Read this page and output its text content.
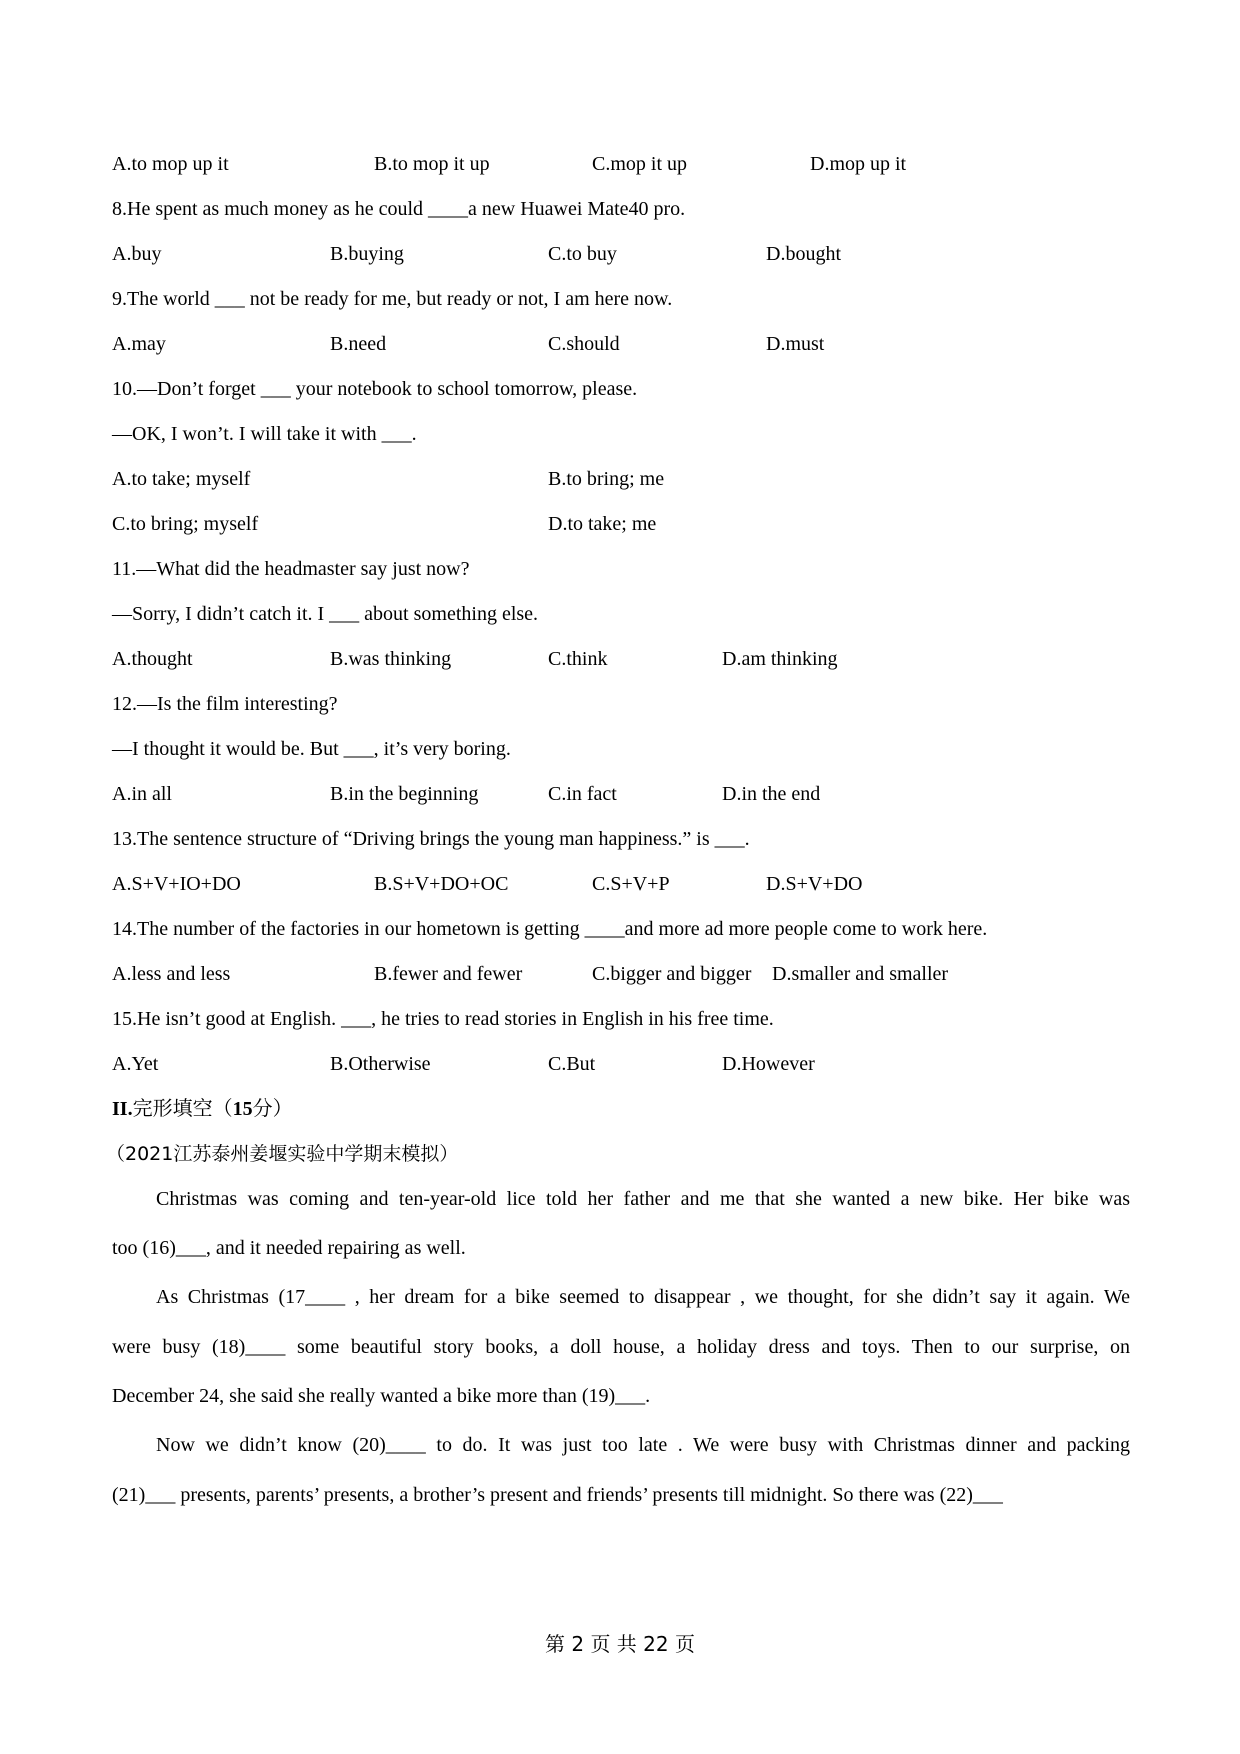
A.to mop up it	B.to mop it up	C.mop it up	D.mop up it
8.He spent as much money as he could ____a new Huawei Mate40 pro.
A.buy	B.buying	C.to buy	D.bought
9.The world ___ not be ready for me, but ready or not, I am here now.
A.may	B.need	C.should	D.must
10.—Don’t forget ___ your notebook to school tomorrow, please.
—OK, I won’t. I will take it with ___.
A.to take; myself	B.to bring; me
C.to bring; myself	D.to take; me
11.—What did the headmaster say just now?
—Sorry, I didn’t catch it. I ___ about something else.
A.thought	B.was thinking	C.think	D.am thinking
12.—Is the film interesting?
—I thought it would be. But ___, it’s very boring.
A.in all	B.in the beginning	C.in fact	D.in the end
13.The sentence structure of “Driving brings the young man happiness.” is ___.
A.S+V+IO+DO	B.S+V+DO+OC	C.S+V+P	D.S+V+DO
14.The number of the factories in our hometown is getting ____and more ad more people come to work here.
A.less and less	B.fewer and fewer	C.bigger and bigger D.smaller and smaller
15.He isn’t good at English. ___, he tries to read stories in English in his free time.
A.Yet	B.Otherwise	C.But	D.However
II.完形填空（15分）
（2021江苏泰州姜堰实验中学期末模拟）
Christmas was coming and ten-year-old lice told her father and me that she wanted a new bike. Her bike was
too (16)___, and it needed repairing as well.
As Christmas (17____ , her dream for a bike seemed to disappear , we thought, for she didn’t say it again. We
were busy (18)____ some beautiful story books, a doll house, a holiday dress and toys. Then to our surprise, on
December 24, she said she really wanted a bike more than (19)___.
Now we didn’t know (20)____ to do. It was just too late . We were busy with Christmas dinner and packing
(21)___ presents, parents’ presents, a brother’s present and friends’ presents till midnight. So there was (22)___
第 2 页 共 22 页
